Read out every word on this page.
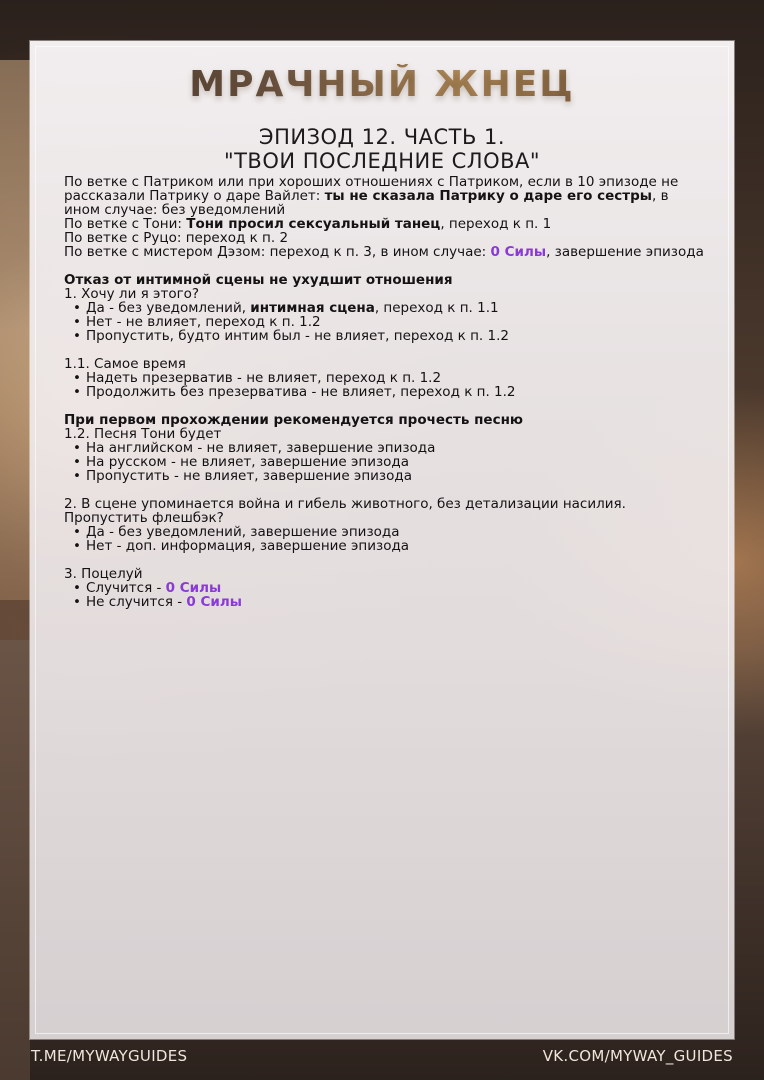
МРАЧНЫЙ ЖНЕЦ
ЭПИЗОД 12. ЧАСТЬ 1.
"ТВОИ ПОСЛЕДНИЕ СЛОВА"

По ветке с Патриком или при хороших отношениях с Патриком, если в 10 эпизоде не рассказали Патрику о даре Вайлет: ты не сказала Патрику о даре его сестры, в ином случае: без уведомлений

По ветке с Тони: Тони просил сексуальный танец, переход к п. 1

По ветке с Руцо: переход к п. 2

По ветке с мистером Дэзом: переход к п. 3, в ином случае: 0 Силы, завершение эпизода

Отказ от интимной сцены не ухудшит отношения

1. Хочу ли я этого?

• Да - без уведомлений, интимная сцена, переход к п. 1.1
• Нет - не влияет, переход к п. 1.2
• Пропустить, будто интим был - не влияет, переход к п. 1.2

1.1. Самое время

• Надеть презерватив - не влияет, переход к п. 1.2
• Продолжить без презерватива - не влияет, переход к п. 1.2

При первом прохождении рекомендуется прочесть песню

1.2. Песня Тони будет

• На английском - не влияет, завершение эпизода
• На русском - не влияет, завершение эпизода
• Пропустить - не влияет, завершение эпизода

2. В сцене упоминается война и гибель животного, без детализации насилия. Пропустить флешбэк?

• Да - без уведомлений, завершение эпизода
• Нет - доп. информация, завершение эпизода

3. Поцелуй

• Случится - 0 Силы
• Не случится - 0 Силы
T.ME/MYWAYGUIDES	VK.COM/MYWAY_GUIDES
